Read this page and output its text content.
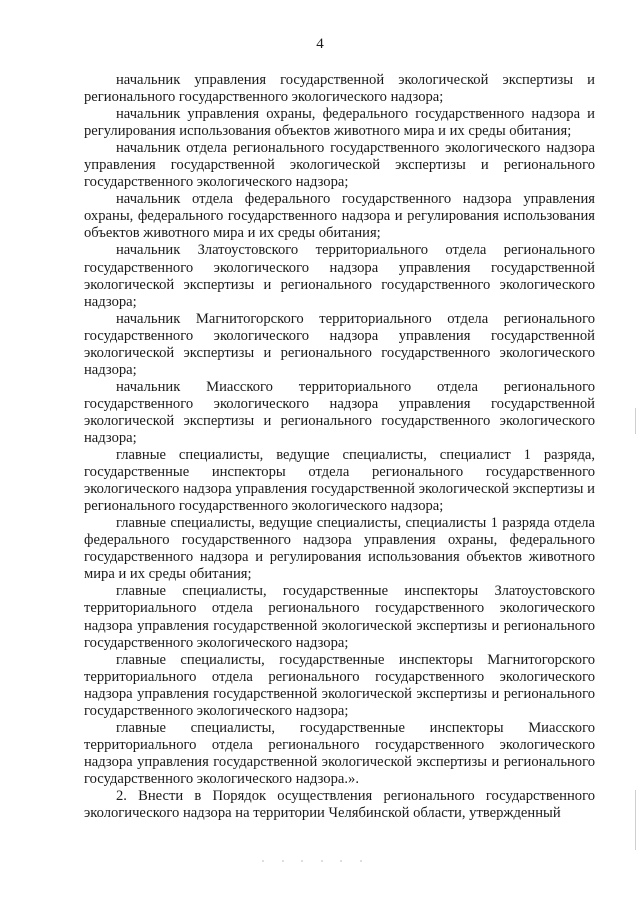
4

начальник управления государственной экологической экспертизы и регионального государственного экологического надзора;

начальник управления охраны, федерального государственного надзора и регулирования использования объектов животного мира и их среды обитания;

начальник отдела регионального государственного экологического надзора управления государственной экологической экспертизы и регионального государственного экологического надзора;

начальник отдела федерального государственного надзора управления охраны, федерального государственного надзора и регулирования использования объектов животного мира и их среды обитания;

начальник Златоустовского территориального отдела регионального государственного экологического надзора управления государственной экологической экспертизы и регионального государственного экологического надзора;

начальник Магнитогорского территориального отдела регионального государственного экологического надзора управления государственной экологической экспертизы и регионального государственного экологического надзора;

начальник Миасского территориального отдела регионального государственного экологического надзора управления государственной экологической экспертизы и регионального государственного экологического надзора;

главные специалисты, ведущие специалисты, специалист 1 разряда, государственные инспекторы отдела регионального государственного экологического надзора управления государственной экологической экспертизы и регионального государственного экологического надзора;

главные специалисты, ведущие специалисты, специалисты 1 разряда отдела федерального государственного надзора управления охраны, федерального государственного надзора и регулирования использования объектов животного мира и их среды обитания;

главные специалисты, государственные инспекторы Златоустовского территориального отдела регионального государственного экологического надзора управления государственной экологической экспертизы и регионального государственного экологического надзора;

главные специалисты, государственные инспекторы Магнитогорского территориального отдела регионального государственного экологического надзора управления государственной экологической экспертизы и регионального государственного экологического надзора;

главные специалисты, государственные инспекторы Миасского территориального отдела регионального государственного экологического надзора управления государственной экологической экспертизы и регионального государственного экологического надзора.».

2. Внести в Порядок осуществления регионального государственного экологического надзора на территории Челябинской области, утвержденный
